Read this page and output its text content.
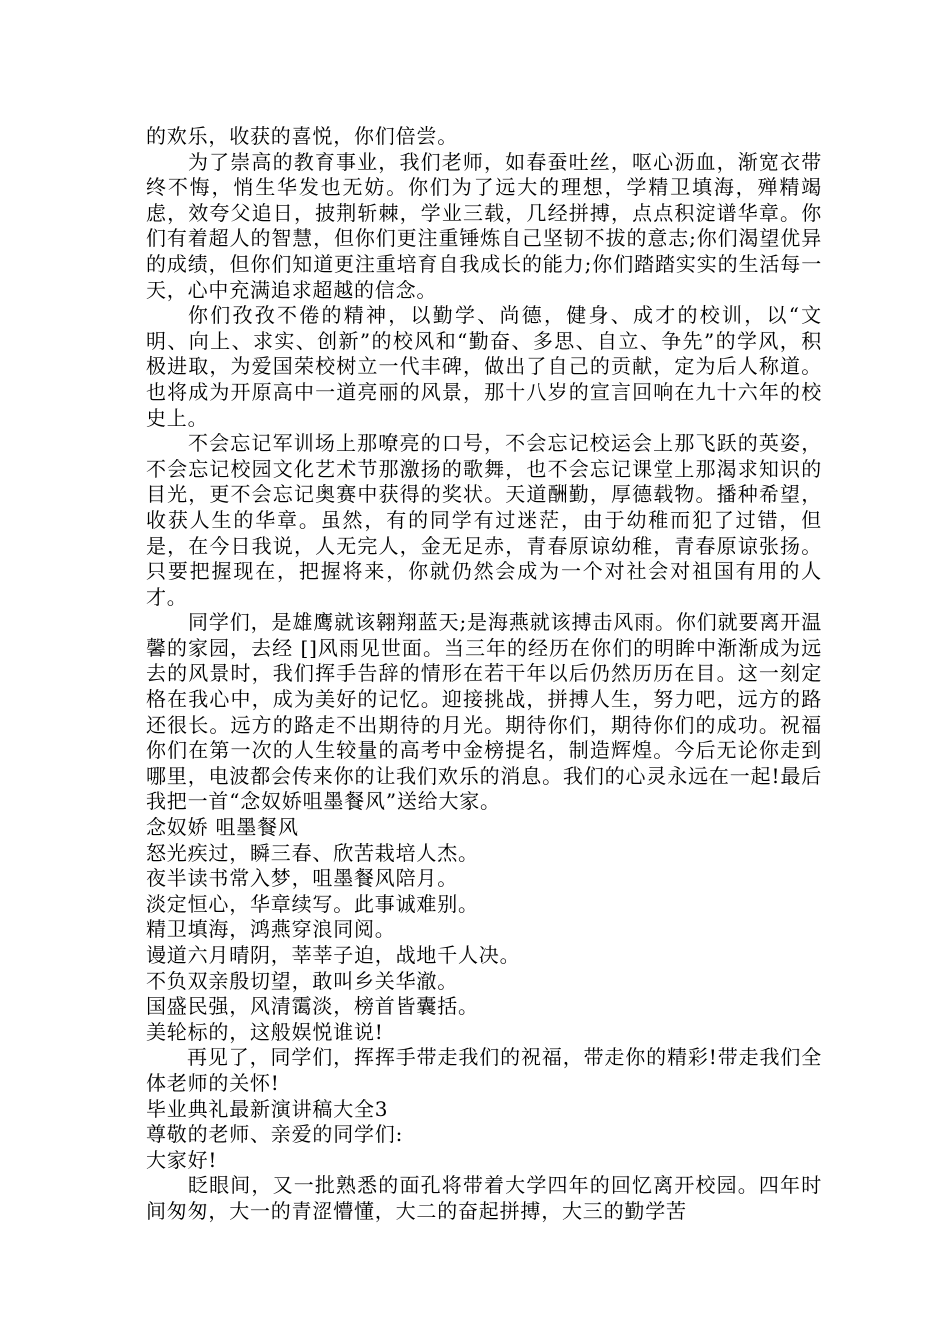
的欢乐，收获的喜悦，你们倍尝。

为了崇高的教育事业，我们老师，如春蚕吐丝，呕心沥血，渐宽衣带终不悔，悄生华发也无妨。你们为了远大的理想，学精卫填海，殚精竭虑，效夸父追日，披荆斩棘，学业三载，几经拼搏，点点积淀谱华章。你们有着超人的智慧，但你们更注重锤炼自己坚韧不拔的意志;你们渴望优异的成绩，但你们知道更注重培育自我成长的能力;你们踏踏实实的生活每一天，心中充满追求超越的信念。

你们孜孜不倦的精神，以勤学、尚德，健身、成才的校训，以“文明、向上、求实、创新”的校风和“勤奋、多思、自立、争先”的学风，积极进取，为爱国荣校树立一代丰碑，做出了自己的贡献，定为后人称道。也将成为开原高中一道亮丽的风景，那十八岁的宣言回响在九十六年的校史上。

不会忘记军训场上那嘹亮的口号，不会忘记校运会上那飞跃的英姿，不会忘记校园文化艺术节那激扬的歌舞，也不会忘记课堂上那渴求知识的目光，更不会忘记奥赛中获得的奖状。天道酬勤，厚德载物。播种希望，收获人生的华章。虽然，有的同学有过迷茫，由于幼稚而犯了过错，但是，在今日我说，人无完人，金无足赤，青春原谅幼稚，青春原谅张扬。只要把握现在，把握将来，你就仍然会成为一个对社会对祖国有用的人才。

同学们，是雄鹰就该翱翔蓝天;是海燕就该搏击风雨。你们就要离开温馨的家园，去经 []风雨见世面。当三年的经历在你们的明眸中渐渐成为远去的风景时，我们挥手告辞的情形在若干年以后仍然历历在目。这一刻定格在我心中，成为美好的记忆。迎接挑战，拼搏人生，努力吧，远方的路还很长。远方的路走不出期待的月光。期待你们，期待你们的成功。祝福你们在第一次的人生较量的高考中金榜提名，制造辉煌。今后无论你走到哪里，电波都会传来你的让我们欢乐的消息。我们的心灵永远在一起!最后我把一首“念奴娇咀墨餐风”送给大家。

念奴娇 咀墨餐风

怒光疾过，瞬三春、欣苦栽培人杰。

夜半读书常入梦，咀墨餐风陪月。

淡定恒心，华章续写。此事诚难别。

精卫填海，鸿燕穿浪同阅。

谩道六月晴阴，莘莘子迫，战地千人决。

不负双亲殷切望，敢叫乡关华澈。

国盛民强，风清霭淡，榜首皆囊括。

美轮标的，这般娱悦谁说!

再见了，同学们，挥挥手带走我们的祝福，带走你的精彩!带走我们全体老师的关怀!

毕业典礼最新演讲稿大全3

尊敬的老师、亲爱的同学们:

大家好!

眨眼间，又一批熟悉的面孔将带着大学四年的回忆离开校园。四年时间匆匆，大一的青涩懵懂，大二的奋起拼搏，大三的勤学苦
